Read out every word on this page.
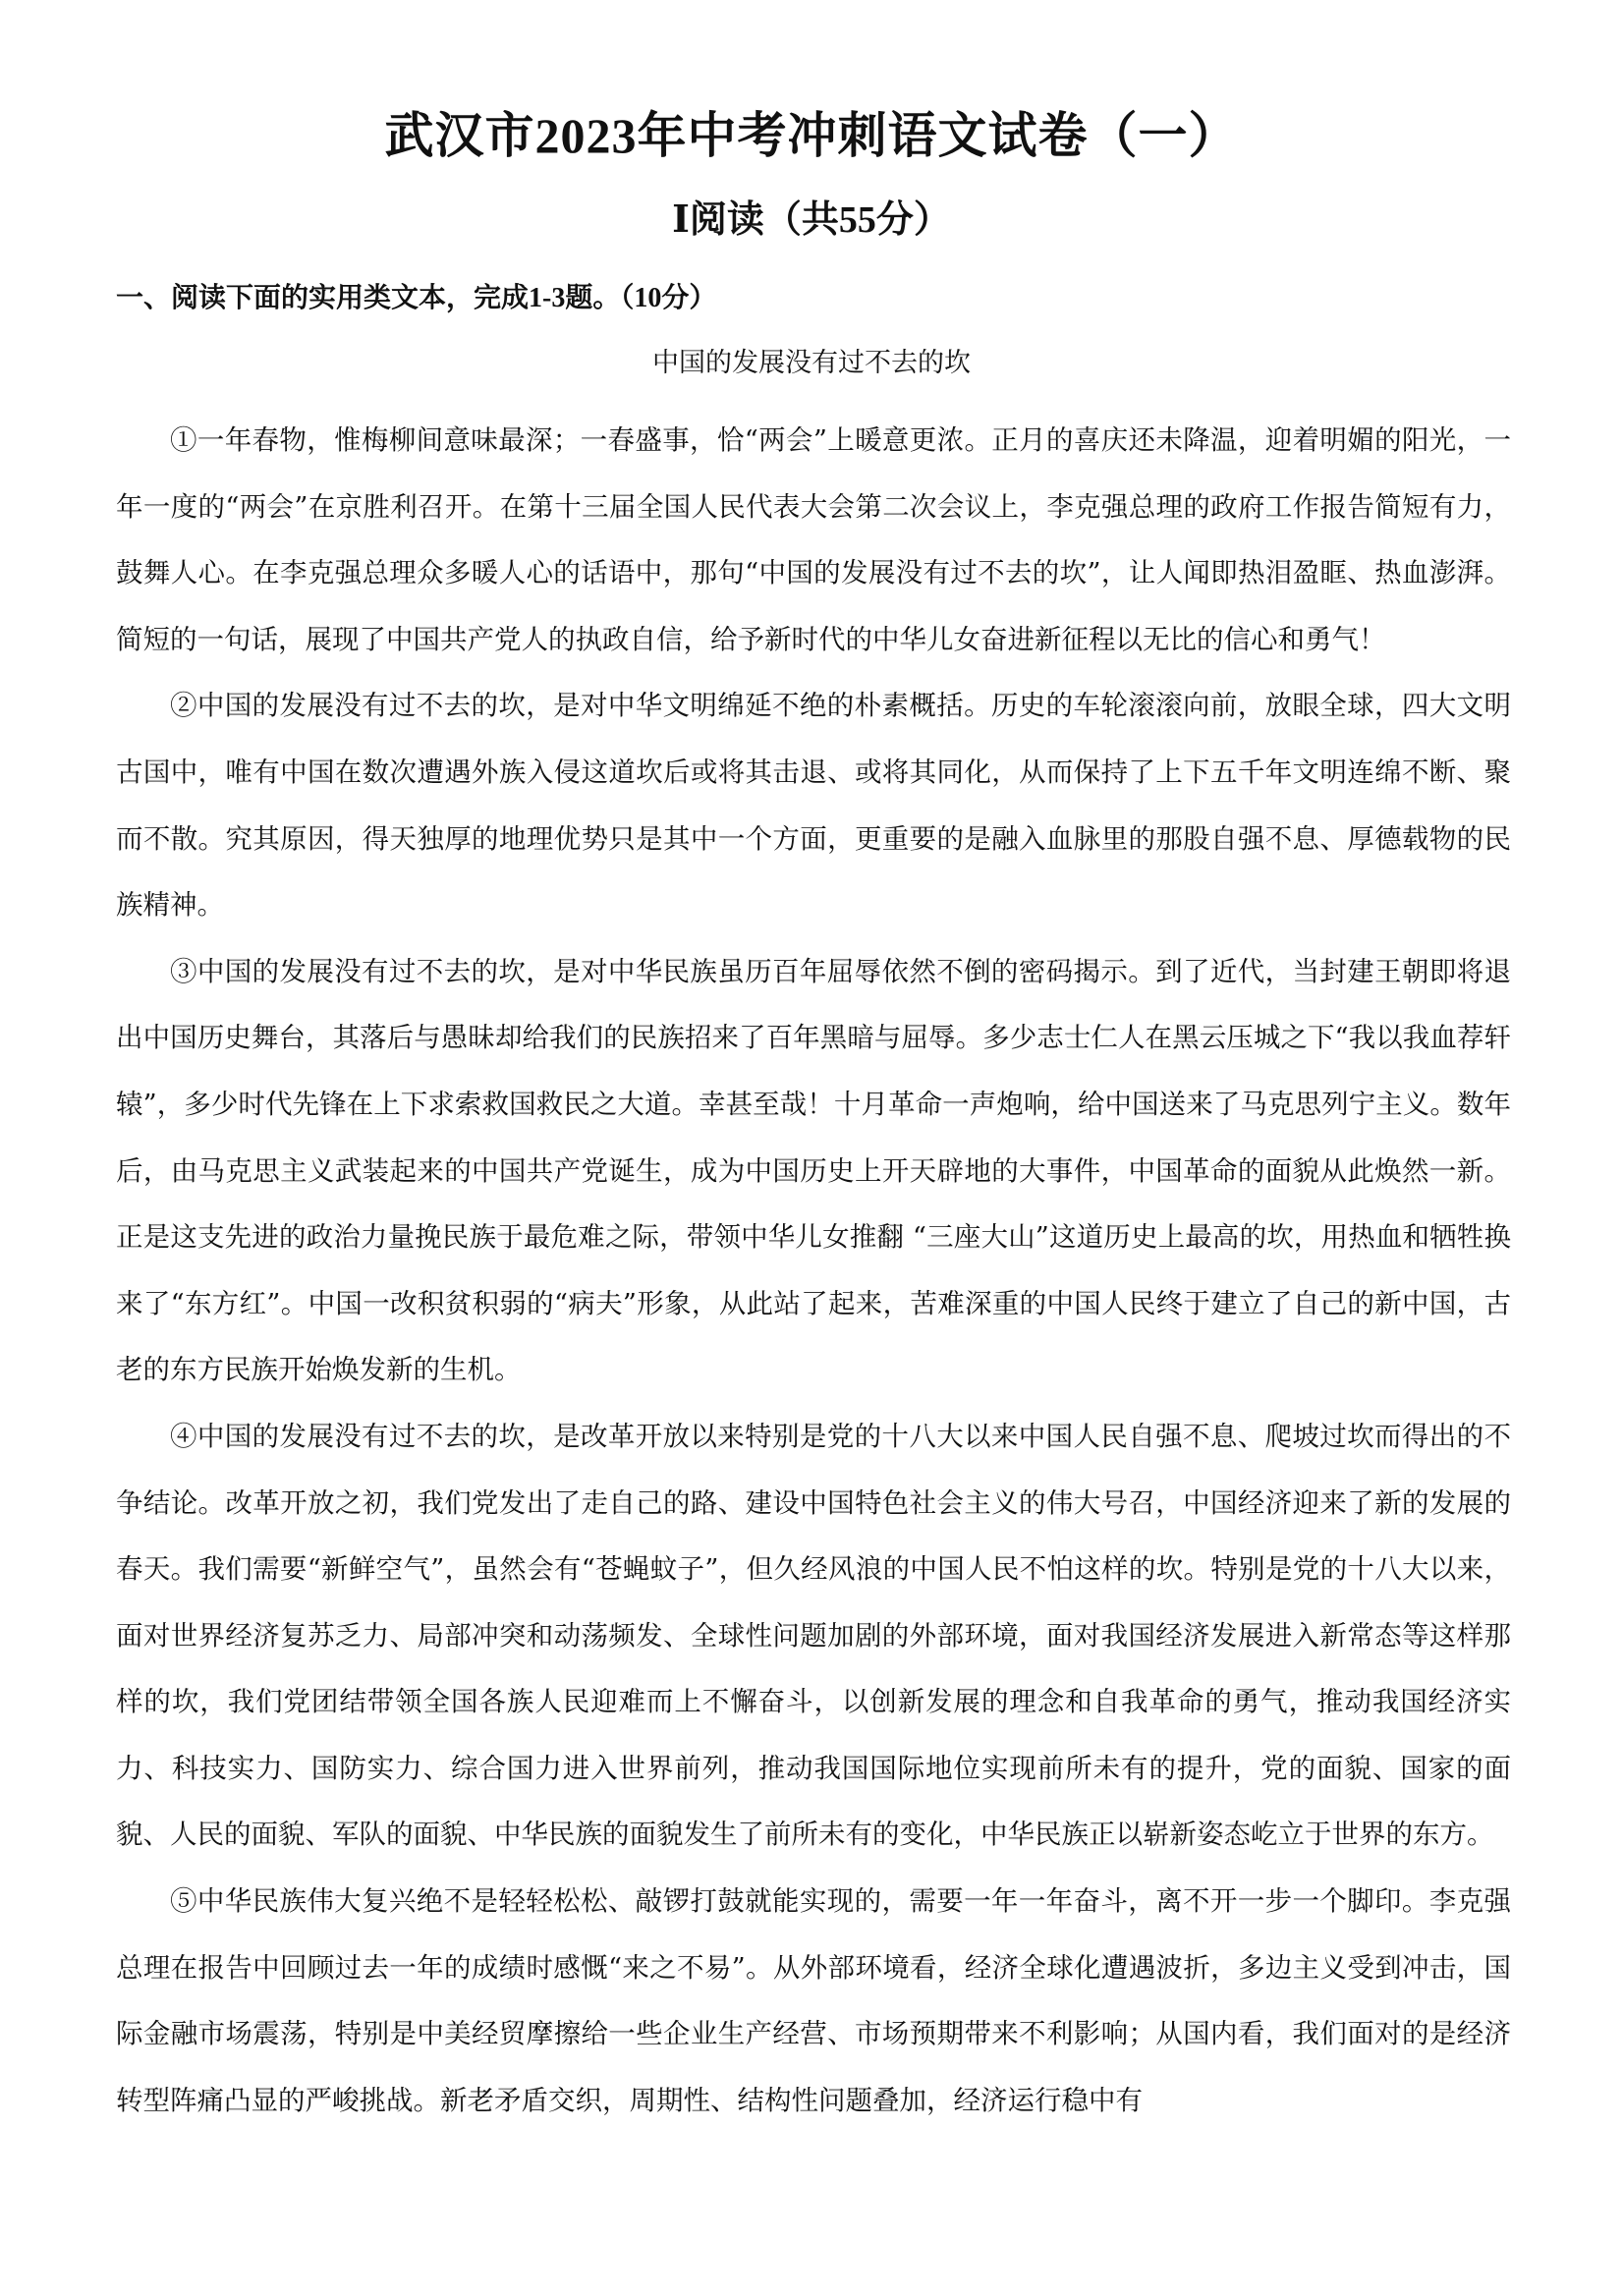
武汉市2023年中考冲刺语文试卷（一）
Ⅰ阅读（共55分）
一、阅读下面的实用类文本，完成1-3题。（10分）
中国的发展没有过不去的坎

①一年春物，惟梅柳间意味最深；一春盛事，恰“两会”上暖意更浓。正月的喜庆还未降温，迎着明媚的阳光，一年一度的“两会”在京胜利召开。在第十三届全国人民代表大会第二次会议上，李克强总理的政府工作报告简短有力，鼓舞人心。在李克强总理众多暖人心的话语中，那句“中国的发展没有过不去的坎”，让人闻即热泪盈眶、热血澎湃。简短的一句话，展现了中国共产党人的执政自信，给予新时代的中华儿女奋进新征程以无比的信心和勇气！

②中国的发展没有过不去的坎，是对中华文明绵延不绝的朴素概括。历史的车轮滚滚向前，放眼全球，四大文明古国中，唯有中国在数次遭遇外族入侵这道坎后或将其击退、或将其同化，从而保持了上下五千年文明连绵不断、聚而不散。究其原因，得天独厚的地理优势只是其中一个方面，更重要的是融入血脉里的那股自强不息、厚德载物的民族精神。

③中国的发展没有过不去的坎，是对中华民族虽历百年屈辱依然不倒的密码揭示。到了近代，当封建王朝即将退出中国历史舞台，其落后与愚昧却给我们的民族招来了百年黑暗与屈辱。多少志士仁人在黑云压城之下“我以我血荐轩辕”，多少时代先锋在上下求索救国救民之大道。幸甚至哉！十月革命一声炮响，给中国送来了马克思列宁主义。数年后，由马克思主义武装起来的中国共产党诞生，成为中国历史上开天辟地的大事件，中国革命的面貌从此焕然一新。正是这支先进的政治力量挽民族于最危难之际，带领中华儿女推翻 “三座大山”这道历史上最高的坎，用热血和牺牲换来了“东方红”。中国一改积贫积弱的“病夫”形象，从此站了起来，苦难深重的中国人民终于建立了自己的新中国，古老的东方民族开始焕发新的生机。

④中国的发展没有过不去的坎，是改革开放以来特别是党的十八大以来中国人民自强不息、爬坡过坎而得出的不争结论。改革开放之初，我们党发出了走自己的路、建设中国特色社会主义的伟大号召，中国经济迎来了新的发展的春天。我们需要“新鲜空气”，虽然会有“苍蝇蚊子”，但久经风浪的中国人民不怕这样的坎。特别是党的十八大以来，面对世界经济复苏乏力、局部冲突和动荡频发、全球性问题加剧的外部环境，面对我国经济发展进入新常态等这样那样的坎，我们党团结带领全国各族人民迎难而上不懈奋斗，以创新发展的理念和自我革命的勇气，推动我国经济实力、科技实力、国防实力、综合国力进入世界前列，推动我国国际地位实现前所未有的提升，党的面貌、国家的面貌、人民的面貌、军队的面貌、中华民族的面貌发生了前所未有的变化，中华民族正以崭新姿态屹立于世界的东方。

⑤中华民族伟大复兴绝不是轻轻松松、敲锣打鼓就能实现的，需要一年一年奋斗，离不开一步一个脚印。李克强总理在报告中回顾过去一年的成绩时感慨“来之不易”。从外部环境看，经济全球化遭遇波折，多边主义受到冲击，国际金融市场震荡，特别是中美经贸摩擦给一些企业生产经营、市场预期带来不利影响；从国内看，我们面对的是经济转型阵痛凸显的严峻挑战。新老矛盾交织，周期性、结构性问题叠加，经济运行稳中有
